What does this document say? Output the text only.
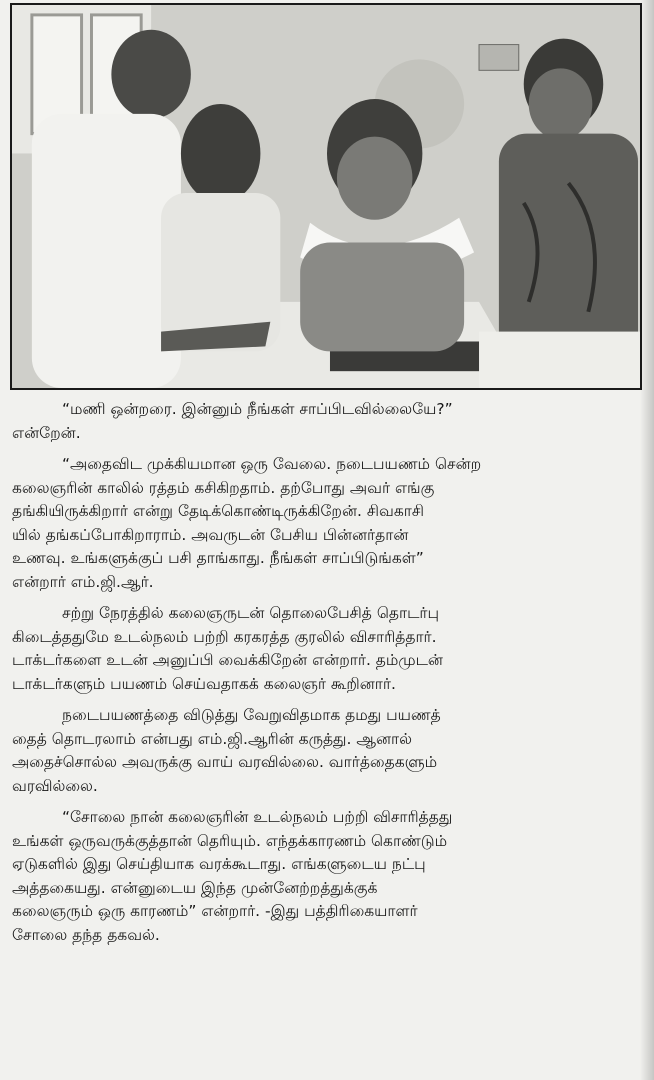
“மணி ஒன்றரை. இன்னும் நீங்கள் சாப்பிடவில்லையே?”
என்றேன்.

“அதைவிட முக்கியமான ஒரு வேலை. நடைபயணம் சென்ற
கலைஞரின் காலில் ரத்தம் கசிகிறதாம். தற்போது அவர் எங்கு
தங்கியிருக்கிறார் என்று தேடிக்கொண்டிருக்கிறேன். சிவகாசி
யில் தங்கப்போகிறாராம். அவருடன் பேசிய பின்னர்தான்
உணவு. உங்களுக்குப் பசி தாங்காது. நீங்கள் சாப்பிடுங்கள்”
என்றார் எம்.ஜி.ஆர்.

சற்று நேரத்தில் கலைஞருடன் தொலைபேசித் தொடர்பு
கிடைத்ததுமே உடல்நலம் பற்றி கரகரத்த குரலில் விசாரித்தார்.
டாக்டர்களை உடன் அனுப்பி வைக்கிறேன் என்றார். தம்முடன்
டாக்டர்களும் பயணம் செய்வதாகக் கலைஞர் கூறினார்.

நடைபயணத்தை விடுத்து வேறுவிதமாக தமது பயணத்
தைத் தொடரலாம் என்பது எம்.ஜி.ஆரின் கருத்து. ஆனால்
அதைச்சொல்ல அவருக்கு வாய் வரவில்லை. வார்த்தைகளும்
வரவில்லை.

“சோலை நான் கலைஞரின் உடல்நலம் பற்றி விசாரித்தது
உங்கள் ஒருவருக்குத்தான் தெரியும். எந்தக்காரணம் கொண்டும்
ஏடுகளில் இது செய்தியாக வரக்கூடாது. எங்களுடைய நட்பு
அத்தகையது. என்னுடைய இந்த முன்னேற்றத்துக்குக்
கலைஞரும் ஒரு காரணம்” என்றார். -இது பத்திரிகையாளர்
சோலை தந்த தகவல்.
